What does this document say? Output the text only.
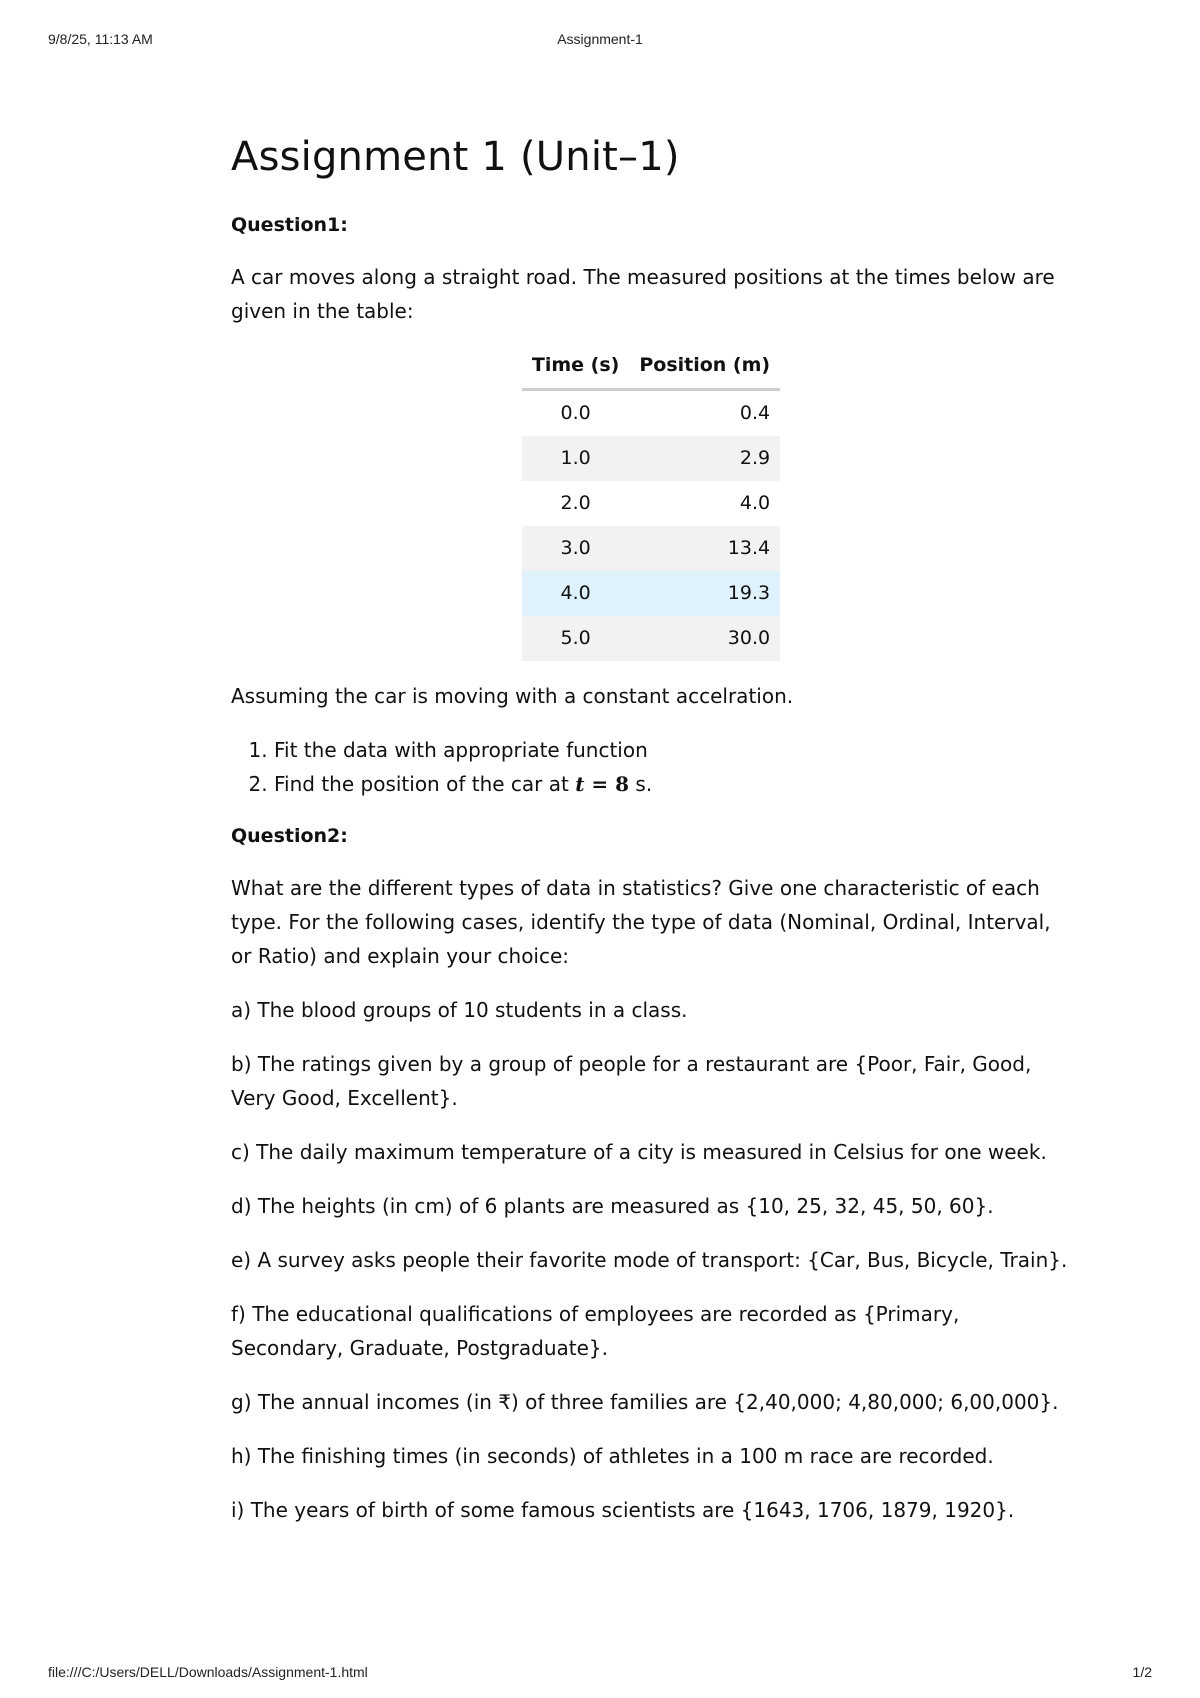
9/8/25, 11:13 AM	Assignment-1
Assignment 1 (Unit–1)
Question1:

A car moves along a straight road. The measured positions at the times below are given in the table:

Time (s)	Position (m)
0.0	0.4
1.0	2.9
2.0	4.0
3.0	13.4
4.0	19.3
5.0	30.0

Assuming the car is moving with a constant accelration.

1. Fit the data with appropriate function
2. Find the position of the car at t = 8 s.
Question2:

What are the different types of data in statistics? Give one characteristic of each type. For the following cases, identify the type of data (Nominal, Ordinal, Interval, or Ratio) and explain your choice:

a) The blood groups of 10 students in a class.

b) The ratings given by a group of people for a restaurant are {Poor, Fair, Good, Very Good, Excellent}.

c) The daily maximum temperature of a city is measured in Celsius for one week.

d) The heights (in cm) of 6 plants are measured as {10, 25, 32, 45, 50, 60}.

e) A survey asks people their favorite mode of transport: {Car, Bus, Bicycle, Train}.

f) The educational qualifications of employees are recorded as {Primary, Secondary, Graduate, Postgraduate}.

g) The annual incomes (in ₹) of three families are {2,40,000; 4,80,000; 6,00,000}.

h) The finishing times (in seconds) of athletes in a 100 m race are recorded.

i) The years of birth of some famous scientists are {1643, 1706, 1879, 1920}.

file:///C:/Users/DELL/Downloads/Assignment-1.html	1/2
